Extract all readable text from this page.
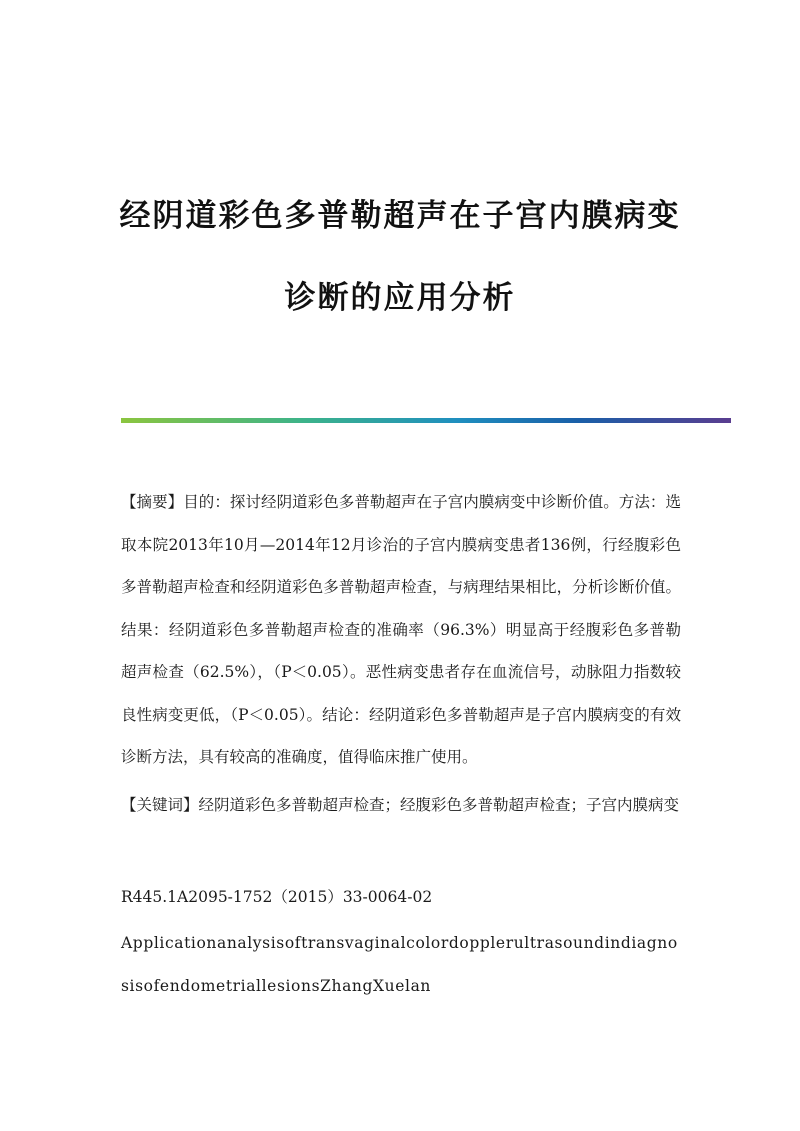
经阴道彩色多普勒超声在子宫内膜病变
诊断的应用分析
【摘要】目的：探讨经阴道彩色多普勒超声在子宫内膜病变中诊断价值。方法：选取本院2013年10月—2014年12月诊治的子宫内膜病变患者136例，行经腹彩色多普勒超声检查和经阴道彩色多普勒超声检查，与病理结果相比，分析诊断价值。结果：经阴道彩色多普勒超声检查的准确率（96.3%）明显高于经腹彩色多普勒超声检查（62.5%），（P＜0.05）。恶性病变患者存在血流信号，动脉阻力指数较良性病变更低，（P＜0.05）。结论：经阴道彩色多普勒超声是子宫内膜病变的有效诊断方法，具有较高的准确度，值得临床推广使用。
【关键词】经阴道彩色多普勒超声检查；经腹彩色多普勒超声检查；子宫内膜病变
R445.1A2095-1752（2015）33-0064-02
ApplicationanalysisoftransvaginalcolordopplerultrasoundindiagnosisofendometriallesionsZhangXuelan
